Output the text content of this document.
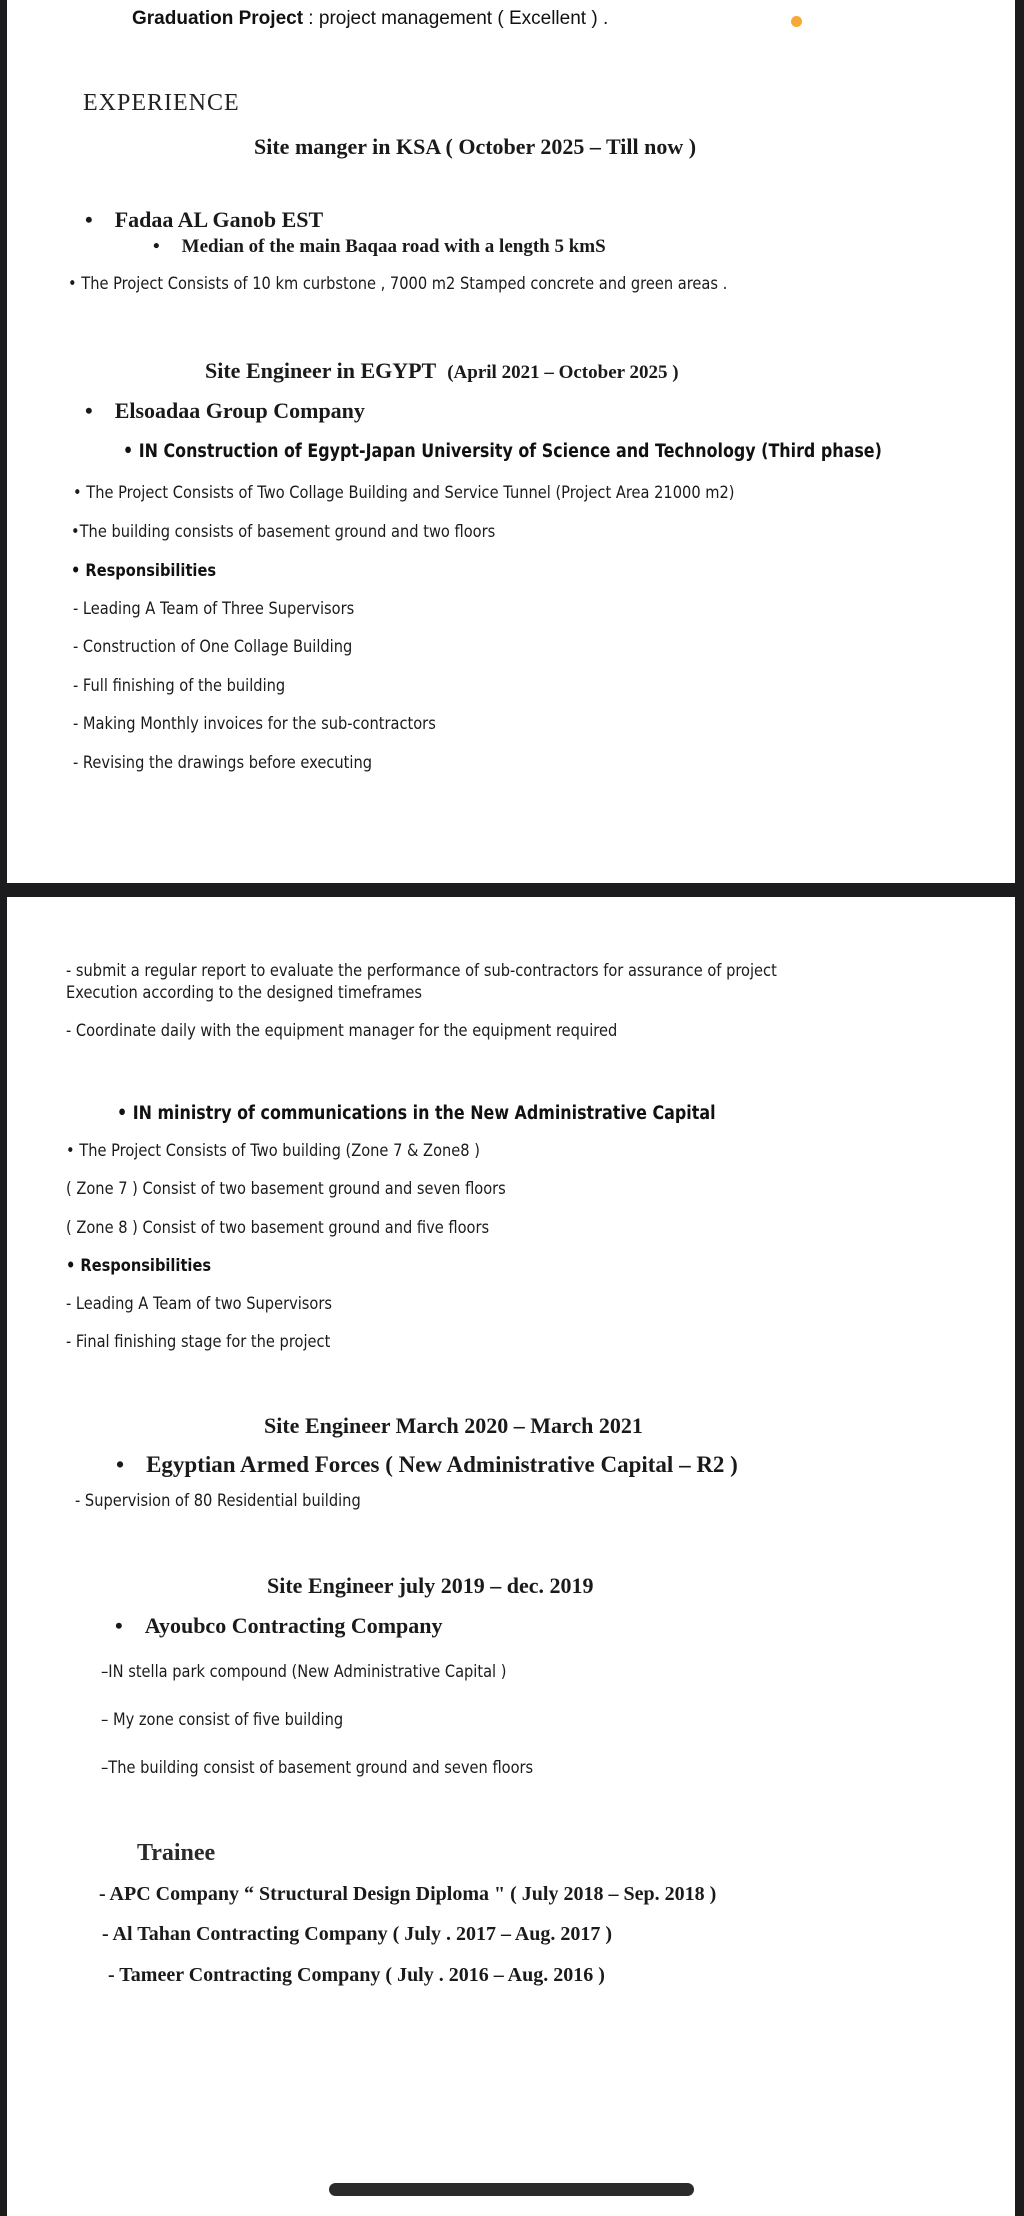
Graduation Project : project management ( Excellent ) .
EXPERIENCE
Site manger in KSA ( October 2025 – Till now )
• Fadaa AL Ganob EST
• Median of the main Baqaa road with a length 5 kmS
• The Project Consists of 10 km curbstone , 7000 m2 Stamped concrete and green areas .
Site Engineer in EGYPT (April 2021 – October 2025 )
• Elsoadaa Group Company
• IN Construction of Egypt-Japan University of Science and Technology (Third phase)
• The Project Consists of Two Collage Building and Service Tunnel (Project Area 21000 m2)
•The building consists of basement ground and two floors
• Responsibilities
- Leading A Team of Three Supervisors
- Construction of One Collage Building
- Full finishing of the building
- Making Monthly invoices for the sub-contractors
- Revising the drawings before executing
- submit a regular report to evaluate the performance of sub-contractors for assurance of project
Execution according to the designed timeframes
- Coordinate daily with the equipment manager for the equipment required
• IN ministry of communications in the New Administrative Capital
• The Project Consists of Two building (Zone 7 & Zone8 )
( Zone 7 ) Consist of two basement ground and seven floors
( Zone 8 ) Consist of two basement ground and five floors
• Responsibilities
- Leading A Team of two Supervisors
- Final finishing stage for the project
Site Engineer March 2020 – March 2021
• Egyptian Armed Forces ( New Administrative Capital – R2 )
- Supervision of 80 Residential building
Site Engineer july 2019 – dec. 2019
• Ayoubco Contracting Company
–IN stella park compound (New Administrative Capital )
– My zone consist of five building
–The building consist of basement ground and seven floors
Trainee
- APC Company “ Structural Design Diploma " ( July 2018 – Sep. 2018 )
- Al Tahan Contracting Company ( July . 2017 – Aug. 2017 )
- Tameer Contracting Company ( July . 2016 – Aug. 2016 )
